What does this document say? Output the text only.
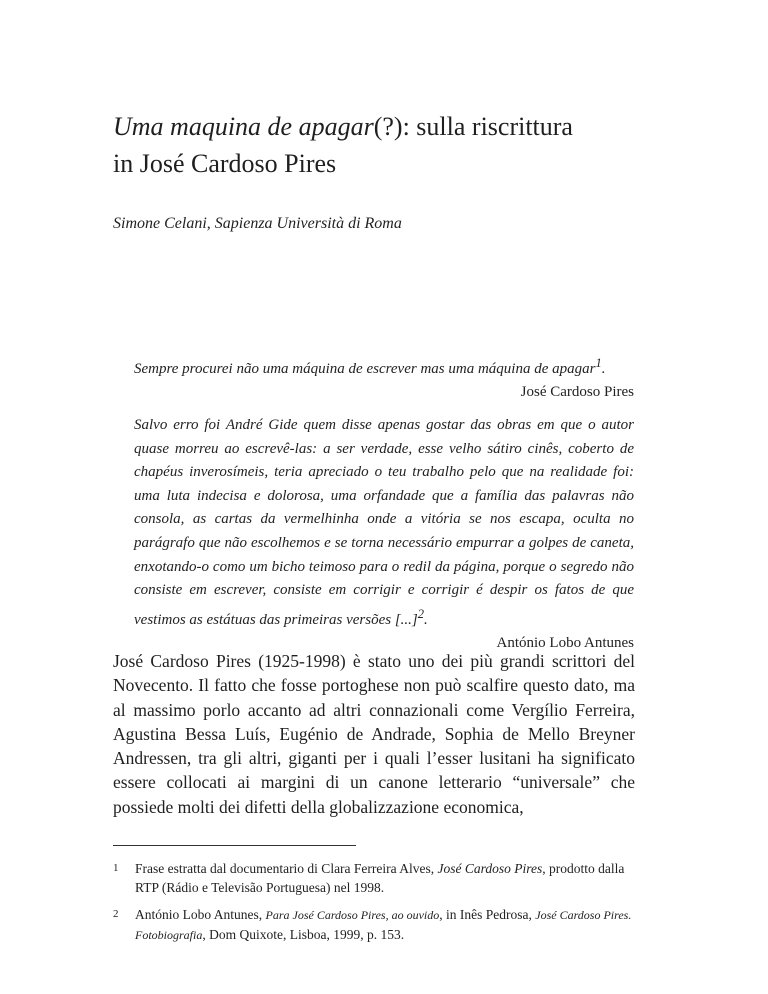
Uma maquina de apagar(?): sulla riscrittura
in José Cardoso Pires

Simone Celani, Sapienza Università di Roma

Sempre procurei não uma máquina de escrever mas uma máquina de apagar$^1$.

José Cardoso Pires

Salvo erro foi André Gide quem disse apenas gostar das obras em que o autor quase morreu ao escrevê-las: a ser verdade, esse velho sátiro cinês, coberto de chapéus inverosímeis, teria apreciado o teu trabalho pelo que na realidade foi: uma luta indecisa e dolorosa, uma orfandade que a família das palavras não consola, as cartas da vermelhinha onde a vitória se nos escapa, oculta no parágrafo que não escolhemos e se torna necessário empurrar a golpes de caneta, enxotando-o como um bicho teimoso para o redil da página, porque o segredo não consiste em escrever, consiste em corrigir e corrigir é despir os fatos de que vestimos as estátuas das primeiras versões [...]$^2$.

António Lobo Antunes

José Cardoso Pires (1925-1998) è stato uno dei più grandi scrittori del Novecento. Il fatto che fosse portoghese non può scalfire questo dato, ma al massimo porlo accanto ad altri connazionali come Vergílio Ferreira, Agustina Bessa Luís, Eugénio de Andrade, Sophia de Mello Breyner Andressen, tra gli altri, giganti per i quali l’esser lusitani ha significato essere collocati ai margini di un canone letterario “universale” che possiede molti dei difetti della globalizzazione economica,

1	Frase estratta dal documentario di Clara Ferreira Alves, José Cardoso Pires, prodotto dalla RTP (Rádio e Televisão Portuguesa) nel 1998.
2	António Lobo Antunes, Para José Cardoso Pires, ao ouvido, in Inês Pedrosa, José Cardoso Pires. Fotobiografia, Dom Quixote, Lisboa, 1999, p. 153.
